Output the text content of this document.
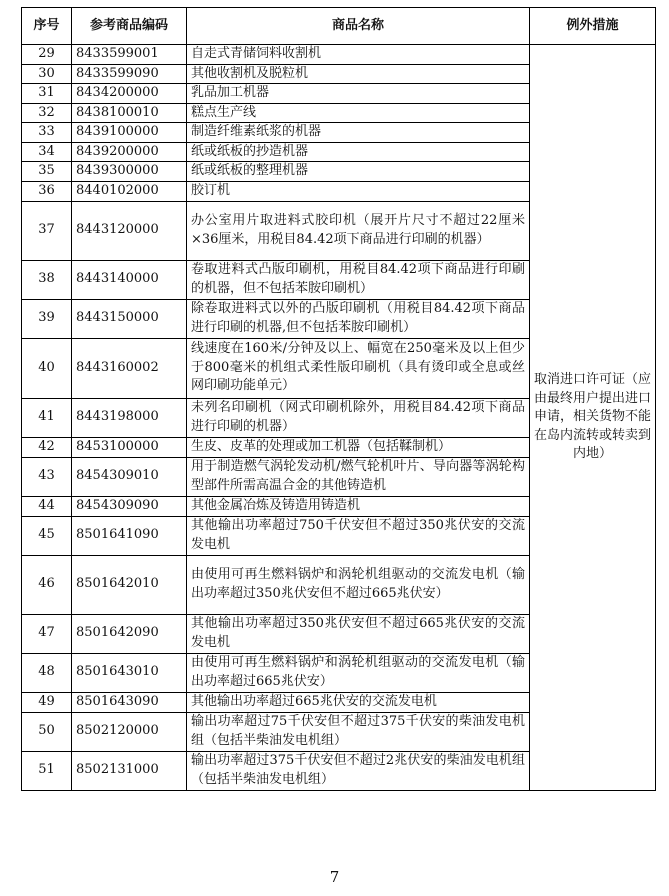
序号	参考商品编码	商品名称	例外措施
29	8433599001	自走式青储饲料收割机	取消进口许可证（应由最终用户提出进口申请，相关货物不能在岛内流转或转卖到内地）
30	8433599090	其他收割机及脱粒机	
31	8434200000	乳品加工机器	
32	8438100010	糕点生产线	
33	8439100000	制造纤维素纸浆的机器	
34	8439200000	纸或纸板的抄造机器	
35	8439300000	纸或纸板的整理机器	
36	8440102000	胶订机	
37	8443120000	办公室用片取进料式胶印机（展开片尺寸不超过22厘米×36厘米，用税目84.42项下商品进行印刷的机器）	
38	8443140000	卷取进料式凸版印刷机，用税目84.42项下商品进行印刷的机器，但不包括苯胺印刷机）	
39	8443150000	除卷取进料式以外的凸版印刷机（用税目84.42项下商品进行印刷的机器,但不包括苯胺印刷机）	
40	8443160002	线速度在160米/分钟及以上、幅宽在250毫米及以上但少于800毫米的机组式柔性版印刷机（具有烫印或全息或丝网印刷功能单元）	
41	8443198000	未列名印刷机（网式印刷机除外，用税目84.42项下商品进行印刷的机器）	
42	8453100000	生皮、皮革的处理或加工机器（包括鞣制机）	
43	8454309010	用于制造燃气涡轮发动机/燃气轮机叶片、导向器等涡轮构型部件所需高温合金的其他铸造机	
44	8454309090	其他金属冶炼及铸造用铸造机	
45	8501641090	其他输出功率超过750千伏安但不超过350兆伏安的交流发电机	
46	8501642010	由使用可再生燃料锅炉和涡轮机组驱动的交流发电机（输出功率超过350兆伏安但不超过665兆伏安）	
47	8501642090	其他输出功率超过350兆伏安但不超过665兆伏安的交流发电机	
48	8501643010	由使用可再生燃料锅炉和涡轮机组驱动的交流发电机（输出功率超过665兆伏安）	
49	8501643090	其他输出功率超过665兆伏安的交流发电机	
50	8502120000	输出功率超过75千伏安但不超过375千伏安的柴油发电机组（包括半柴油发电机组）	
51	8502131000	输出功率超过375千伏安但不超过2兆伏安的柴油发电机组（包括半柴油发电机组）	
7
